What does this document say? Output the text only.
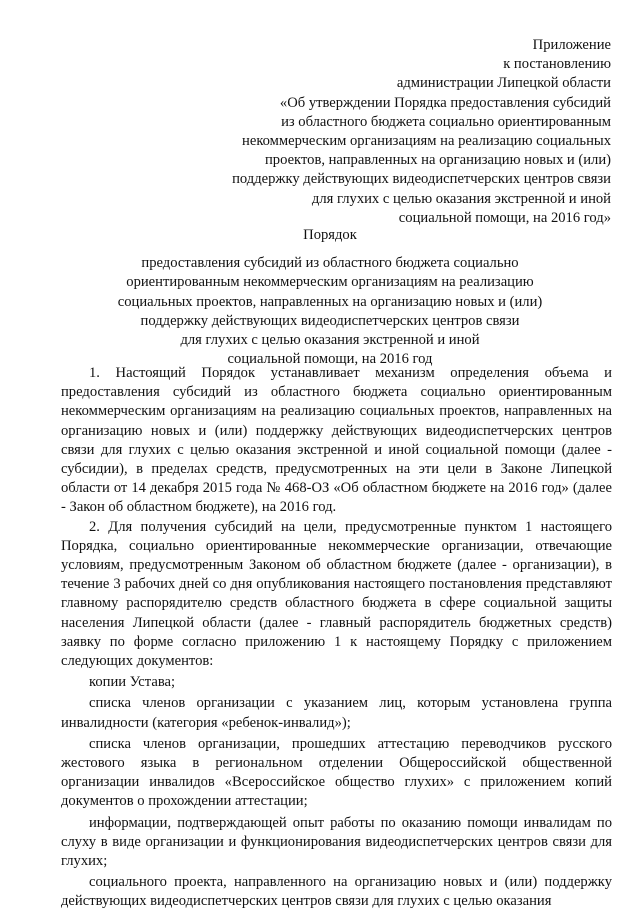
Приложение
к постановлению
администрации Липецкой области
«Об утверждении Порядка предоставления субсидий
из областного бюджета социально ориентированным
некоммерческим организациям на реализацию социальных
проектов, направленных на организацию новых и (или)
поддержку действующих видеодиспетчерских центров связи
для глухих с целью оказания экстренной и иной
социальной помощи, на 2016 год»
Порядок
предоставления субсидий из областного бюджета социально
ориентированным некоммерческим организациям на реализацию
социальных проектов, направленных на организацию новых и (или)
поддержку действующих видеодиспетчерских центров связи
для глухих с целью оказания экстренной и иной
социальной помощи, на 2016 год

1. Настоящий Порядок устанавливает механизм определения объема и предоставления субсидий из областного бюджета социально ориентированным некоммерческим организациям на реализацию социальных проектов, направленных на организацию новых и (или) поддержку действующих видеодиспетчерских центров связи для глухих с целью оказания экстренной и иной социальной помощи (далее - субсидии), в пределах средств, предусмотренных на эти цели в Законе Липецкой области от 14 декабря 2015 года № 468-ОЗ «Об областном бюджете на 2016 год» (далее - Закон об областном бюджете), на 2016 год.

2. Для получения субсидий на цели, предусмотренные пунктом 1 настоящего Порядка, социально ориентированные некоммерческие организации, отвечающие условиям, предусмотренным Законом об областном бюджете (далее - организации), в течение 3 рабочих дней со дня опубликования настоящего постановления представляют главному распорядителю средств областного бюджета в сфере социальной защиты населения Липецкой области (далее - главный распорядитель бюджетных средств) заявку по форме согласно приложению 1 к настоящему Порядку с приложением следующих документов:

копии Устава;

списка членов организации с указанием лиц, которым установлена группа инвалидности (категория «ребенок-инвалид»);

списка членов организации, прошедших аттестацию переводчиков русского жестового языка в региональном отделении Общероссийской общественной организации инвалидов «Всероссийское общество глухих» с приложением копий документов о прохождении аттестации;

информации, подтверждающей опыт работы по оказанию помощи инвалидам по слуху в виде организации и функционирования видеодиспетчерских центров связи для глухих;

социального проекта, направленного на организацию новых и (или) поддержку действующих видеодиспетчерских центров связи для глухих с целью оказания
